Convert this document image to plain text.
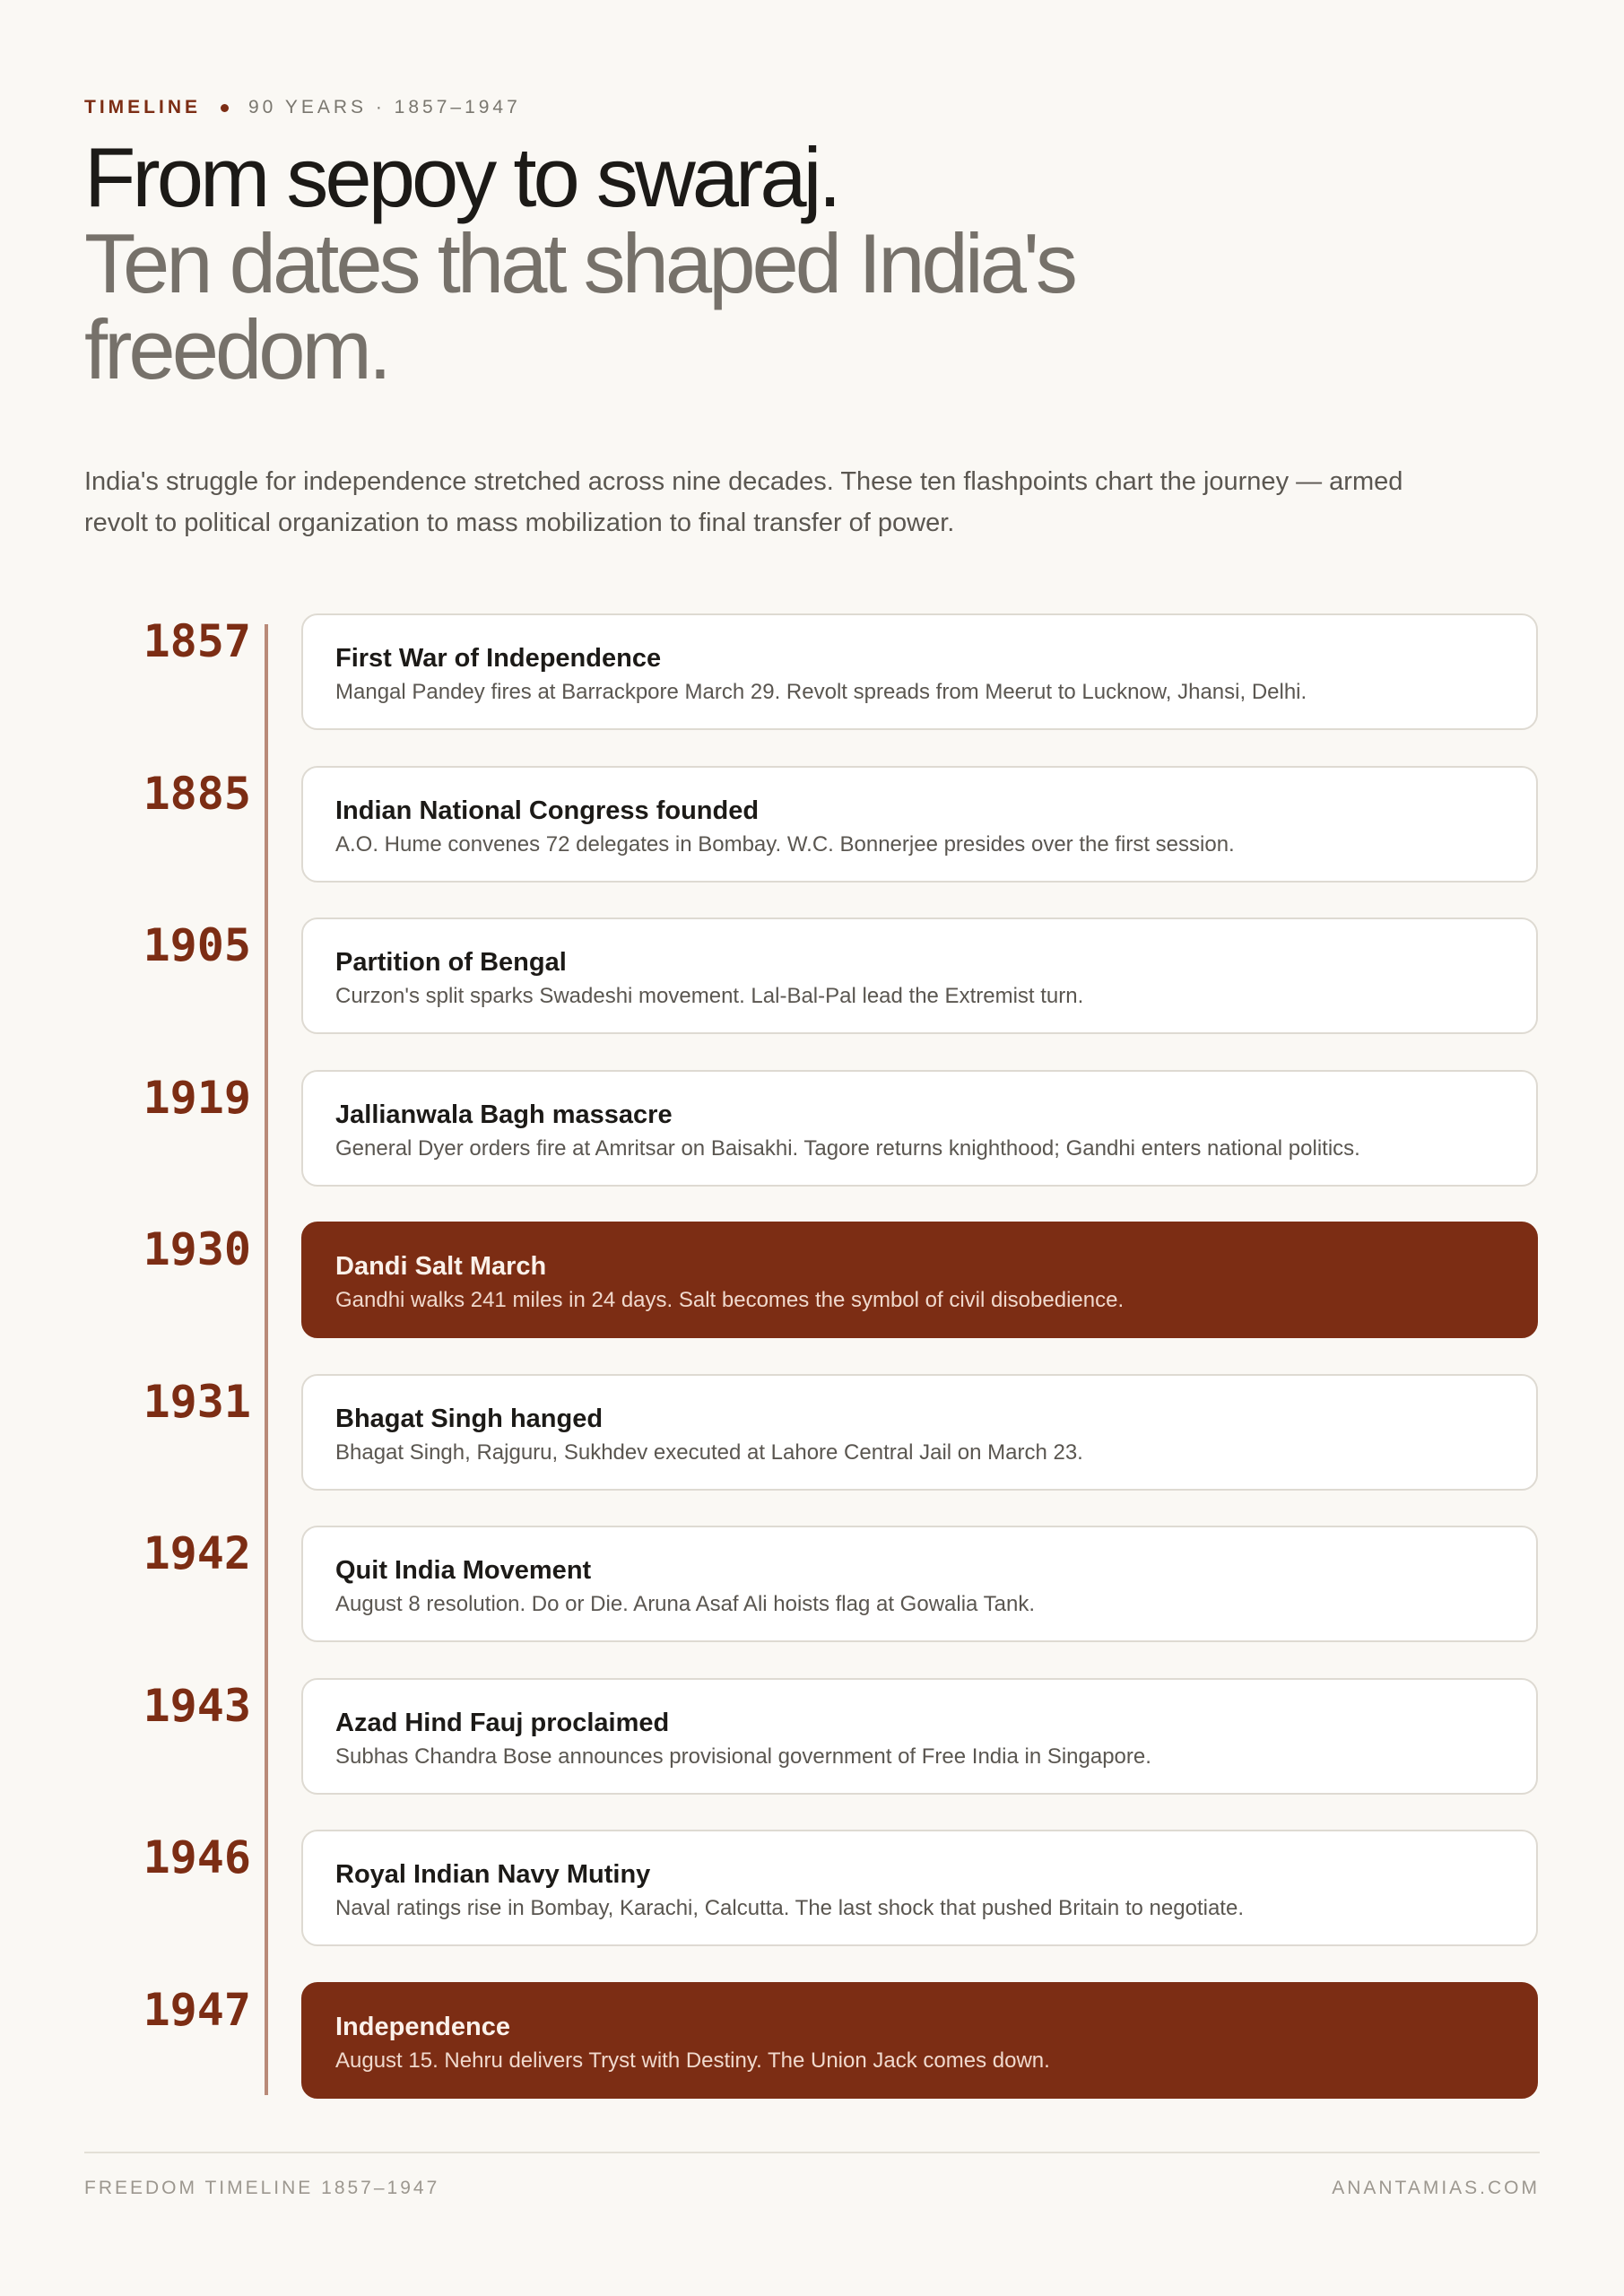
TIMELINE	90 YEARS · 1857–1947
From sepoy to swaraj.
Ten dates that shaped India's freedom.

India's struggle for independence stretched across nine decades. These ten flashpoints chart the journey — armed revolt to political organization to mass mobilization to final transfer of power.

1857	First War of Independence
Mangal Pandey fires at Barrackpore March 29. Revolt spreads from Meerut to Lucknow, Jhansi, Delhi.
1885	Indian National Congress founded
A.O. Hume convenes 72 delegates in Bombay. W.C. Bonnerjee presides over the first session.
1905	Partition of Bengal
Curzon's split sparks Swadeshi movement. Lal-Bal-Pal lead the Extremist turn.
1919	Jallianwala Bagh massacre
General Dyer orders fire at Amritsar on Baisakhi. Tagore returns knighthood; Gandhi enters national politics.
1930	Dandi Salt March
Gandhi walks 241 miles in 24 days. Salt becomes the symbol of civil disobedience.
1931	Bhagat Singh hanged
Bhagat Singh, Rajguru, Sukhdev executed at Lahore Central Jail on March 23.
1942	Quit India Movement
August 8 resolution. Do or Die. Aruna Asaf Ali hoists flag at Gowalia Tank.
1943	Azad Hind Fauj proclaimed
Subhas Chandra Bose announces provisional government of Free India in Singapore.
1946	Royal Indian Navy Mutiny
Naval ratings rise in Bombay, Karachi, Calcutta. The last shock that pushed Britain to negotiate.
1947	Independence
August 15. Nehru delivers Tryst with Destiny. The Union Jack comes down.
FREEDOM TIMELINE 1857–1947	ANANTAMIAS.COM
